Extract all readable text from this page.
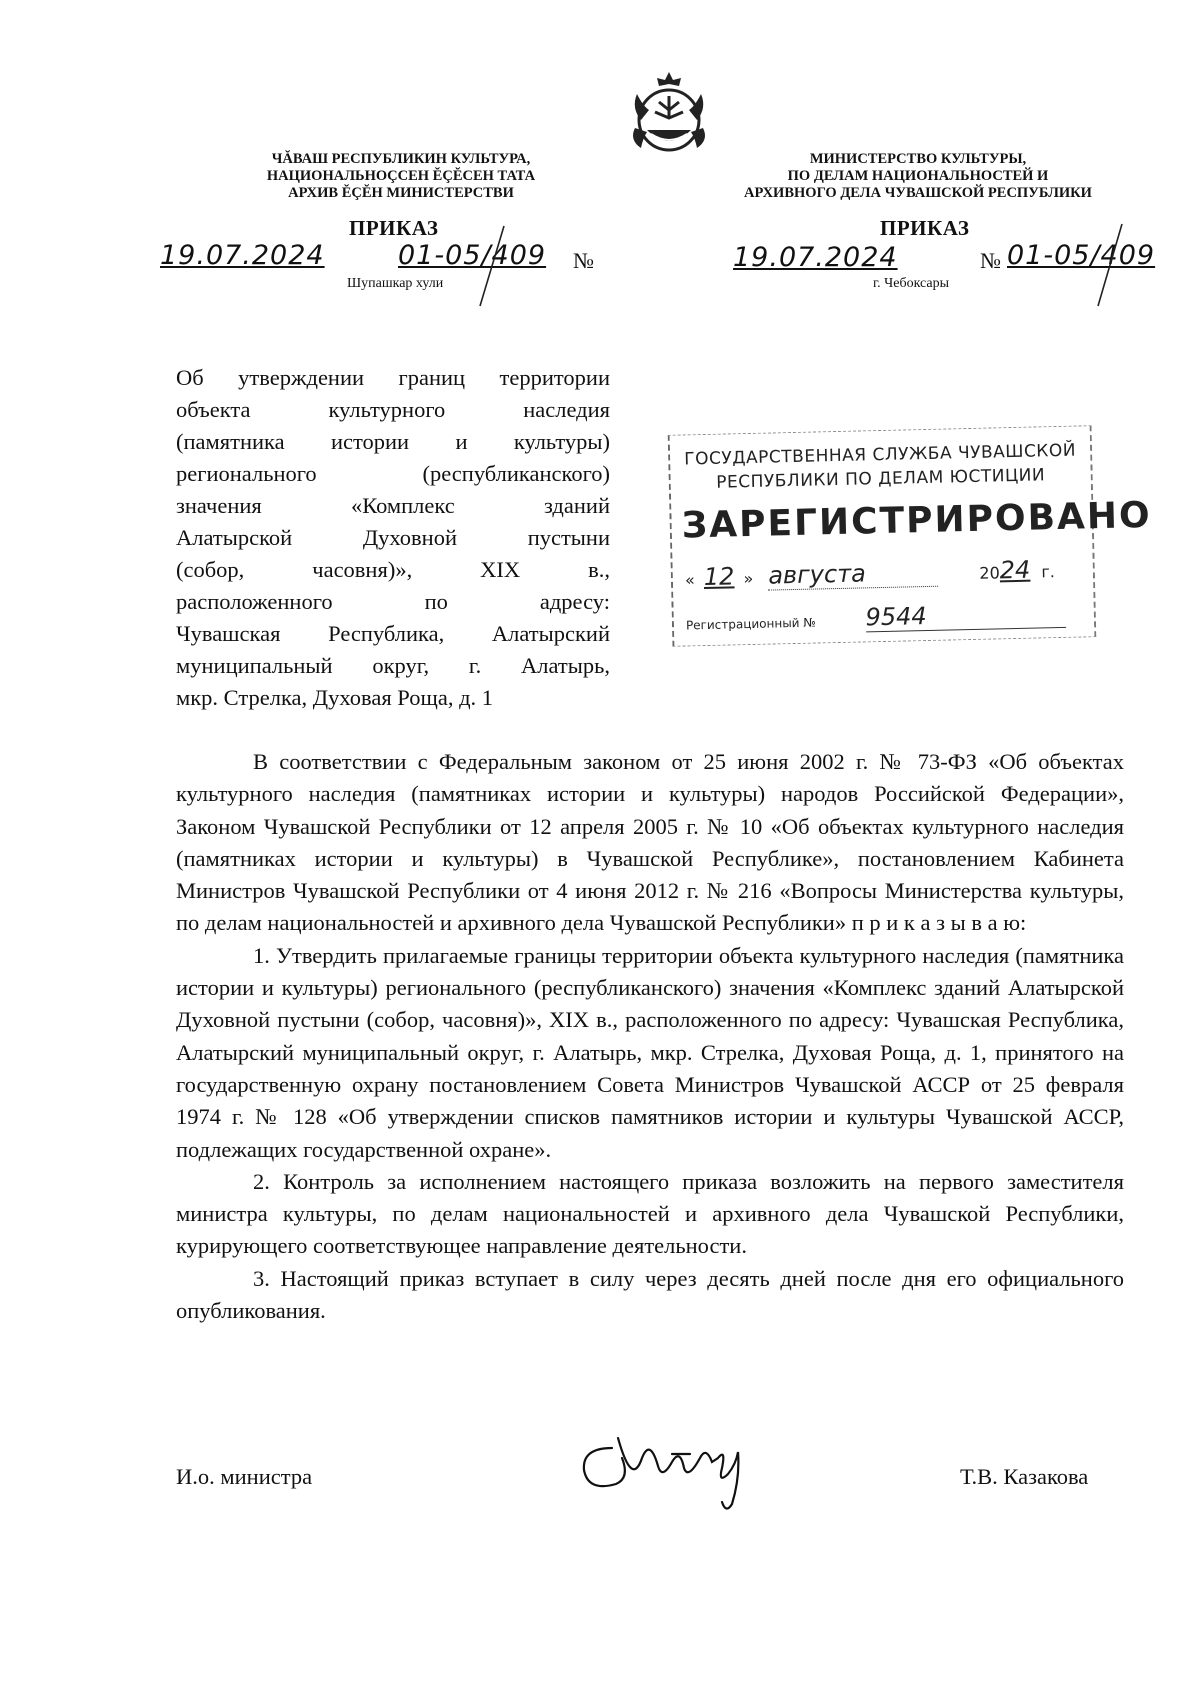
ЧĂВАШ РЕСПУБЛИКИН КУЛЬТУРА,
НАЦИОНАЛЬНОÇСЕН ĔÇĔСЕН ТАТА
АРХИВ ĔÇĔН МИНИСТЕРСТВИ
ПРИКАЗ
19.07.2024	01-05/409 №
Шупашкар хули
МИНИСТЕРСТВО КУЛЬТУРЫ,
ПО ДЕЛАМ НАЦИОНАЛЬНОСТЕЙ И
АРХИВНОГО ДЕЛА ЧУВАШСКОЙ РЕСПУБЛИКИ
ПРИКАЗ
19.07.2024	№ 01-05/409
г. Чебоксары
Об утверждении границ территории
объекта культурного наследия
(памятника истории и культуры)
регионального (республиканского)
значения «Комплекс зданий
Алатырской Духовной пустыни
(собор, часовня)», XIX в.,
расположенного по адресу:
Чувашская Республика, Алатырский
муниципальный округ, г. Алатырь,
мкр. Стрелка, Духовая Роща, д. 1
ГОСУДАРСТВЕННАЯ СЛУЖБА ЧУВАШСКОЙ
РЕСПУБЛИКИ ПО ДЕЛАМ ЮСТИЦИИ
ЗАРЕГИСТРИРОВАНО
« 12 » августа	2024 г.
Регистрационный № 9544

В соответствии с Федеральным законом от 25 июня 2002 г. № 73-ФЗ «Об объектах культурного наследия (памятниках истории и культуры) народов Российской Федерации», Законом Чувашской Республики от 12 апреля 2005 г. № 10 «Об объектах культурного наследия (памятниках истории и культуры) в Чувашской Республике», постановлением Кабинета Министров Чувашской Республики от 4 июня 2012 г. № 216 «Вопросы Министерства культуры, по делам национальностей и архивного дела Чувашской Республики» п р и к а з ы в а ю:

1. Утвердить прилагаемые границы территории объекта культурного наследия (памятника истории и культуры) регионального (республиканского) значения «Комплекс зданий Алатырской Духовной пустыни (собор, часовня)», XIX в., расположенного по адресу: Чувашская Республика, Алатырский муниципальный округ, г. Алатырь, мкр. Стрелка, Духовая Роща, д. 1, принятого на государственную охрану постановлением Совета Министров Чувашской АССР от 25 февраля 1974 г. № 128 «Об утверждении списков памятников истории и культуры Чувашской АССР, подлежащих государственной охране».

2. Контроль за исполнением настоящего приказа возложить на первого заместителя министра культуры, по делам национальностей и архивного дела Чувашской Республики, курирующего соответствующее направление деятельности.

3. Настоящий приказ вступает в силу через десять дней после дня его официального опубликования.

И.о. министра	Т.В. Казакова
